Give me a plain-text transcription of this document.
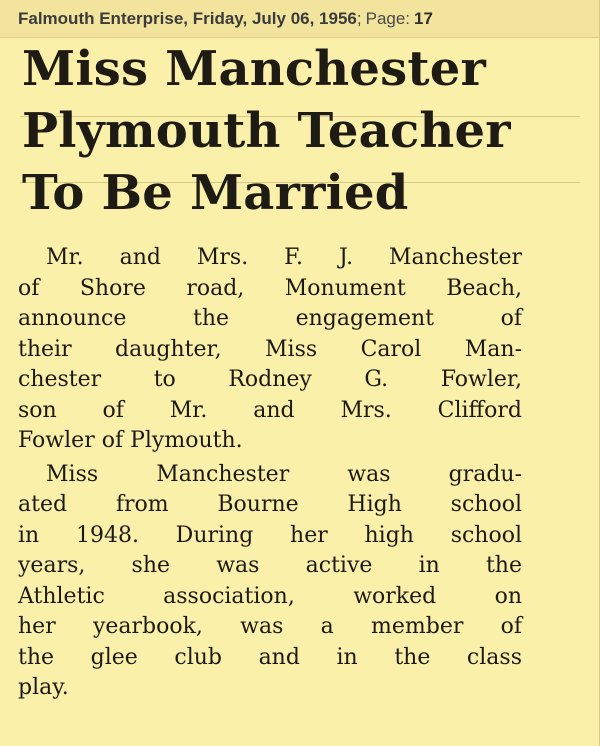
Falmouth Enterprise, Friday, July 06, 1956 ; Page: 17
Miss Manchester
Plymouth Teacher
To Be Married
Mr. and Mrs. F. J. Manchester
of Shore road, Monument Beach,
announce the engagement of
their daughter, Miss Carol Man-
chester to Rodney G. Fowler,
son of Mr. and Mrs. Clifford
Fowler of Plymouth.
Miss Manchester was gradu-
ated from Bourne High school
in 1948. During her high school
years, she was active in the
Athletic association, worked on
her yearbook, was a member of
the glee club and in the class
play.
